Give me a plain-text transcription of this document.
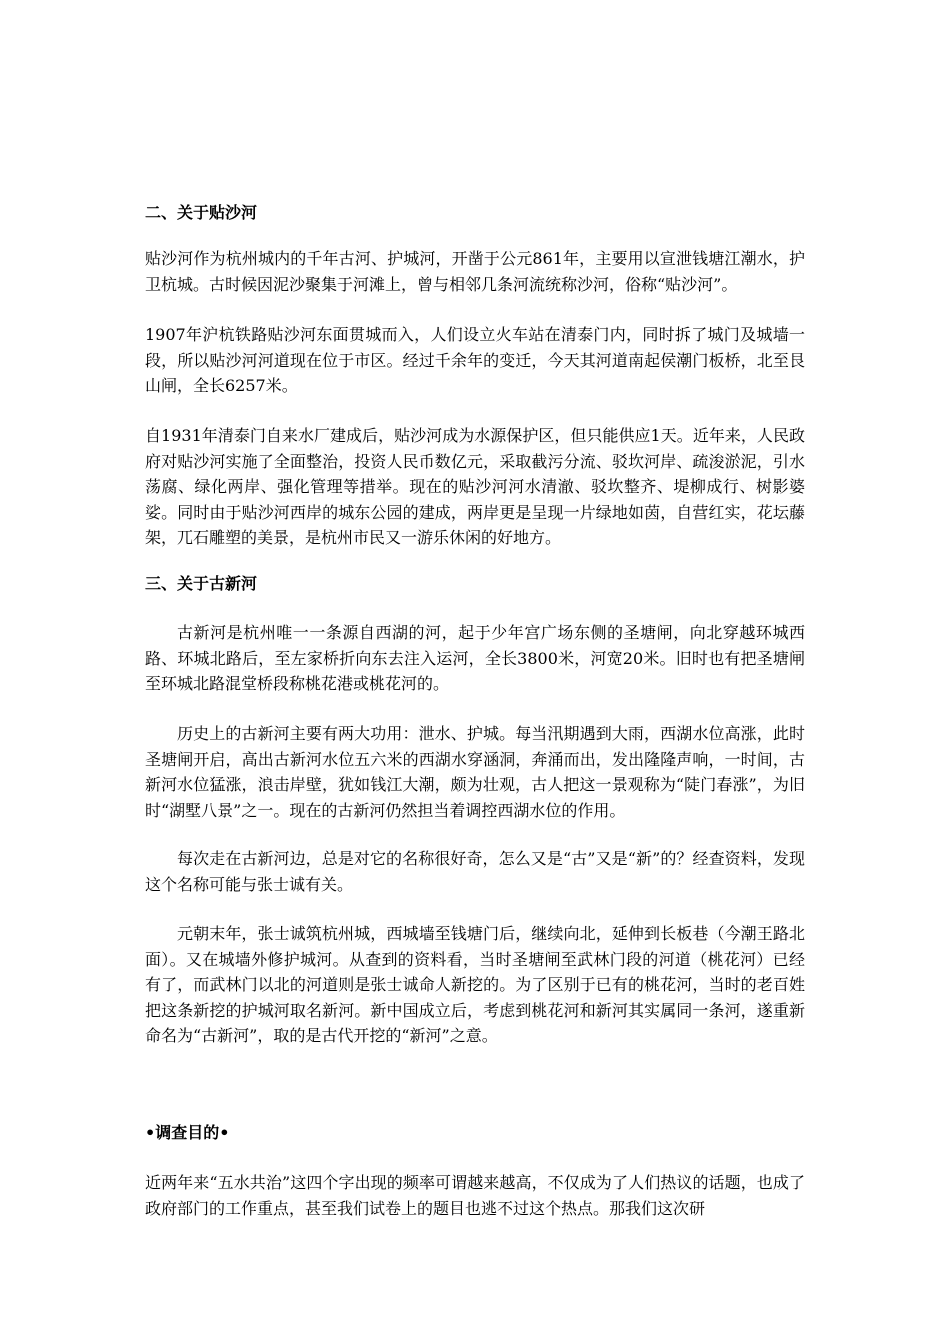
二、关于贴沙河

贴沙河作为杭州城内的千年古河、护城河，开凿于公元861年，主要用以宣泄钱塘江潮水，护卫杭城。古时候因泥沙聚集于河滩上，曾与相邻几条河流统称沙河，俗称“贴沙河”。

1907年沪杭铁路贴沙河东面贯城而入，人们设立火车站在清泰门内，同时拆了城门及城墙一段，所以贴沙河河道现在位于市区。经过千余年的变迁，今天其河道南起侯潮门板桥，北至艮山闸，全长6257米。

自1931年清泰门自来水厂建成后，贴沙河成为水源保护区，但只能供应1天。近年来，人民政府对贴沙河实施了全面整治，投资人民币数亿元，采取截污分流、驳坎河岸、疏浚淤泥，引水荡腐、绿化两岸、强化管理等措举。现在的贴沙河河水清澈、驳坎整齐、堤柳成行、树影婆娑。同时由于贴沙河西岸的城东公园的建成，两岸更是呈现一片绿地如茵，自营红实，花坛藤架，兀石雕塑的美景，是杭州市民又一游乐休闲的好地方。

三、关于古新河

古新河是杭州唯一一条源自西湖的河，起于少年宫广场东侧的圣塘闸，向北穿越环城西路、环城北路后，至左家桥折向东去注入运河，全长3800米，河宽20米。旧时也有把圣塘闸至环城北路混堂桥段称桃花港或桃花河的。

历史上的古新河主要有两大功用：泄水、护城。每当汛期遇到大雨，西湖水位高涨，此时圣塘闸开启，高出古新河水位五六米的西湖水穿涵洞，奔涌而出，发出隆隆声响，一时间，古新河水位猛涨，浪击岸壁，犹如钱江大潮，颇为壮观，古人把这一景观称为“陡门春涨”，为旧时“湖墅八景”之一。现在的古新河仍然担当着调控西湖水位的作用。

每次走在古新河边，总是对它的名称很好奇，怎么又是“古”又是“新”的？经查资料，发现这个名称可能与张士诚有关。

元朝末年，张士诚筑杭州城，西城墙至钱塘门后，继续向北，延伸到长板巷（今潮王路北面）。又在城墙外修护城河。从查到的资料看，当时圣塘闸至武林门段的河道（桃花河）已经有了，而武林门以北的河道则是张士诚命人新挖的。为了区别于已有的桃花河，当时的老百姓把这条新挖的护城河取名新河。新中国成立后，考虑到桃花河和新河其实属同一条河，遂重新命名为“古新河”，取的是古代开挖的“新河”之意。

•调查目的•

近两年来“五水共治”这四个字出现的频率可谓越来越高，不仅成为了人们热议的话题，也成了政府部门的工作重点，甚至我们试卷上的题目也逃不过这个热点。那我们这次研
